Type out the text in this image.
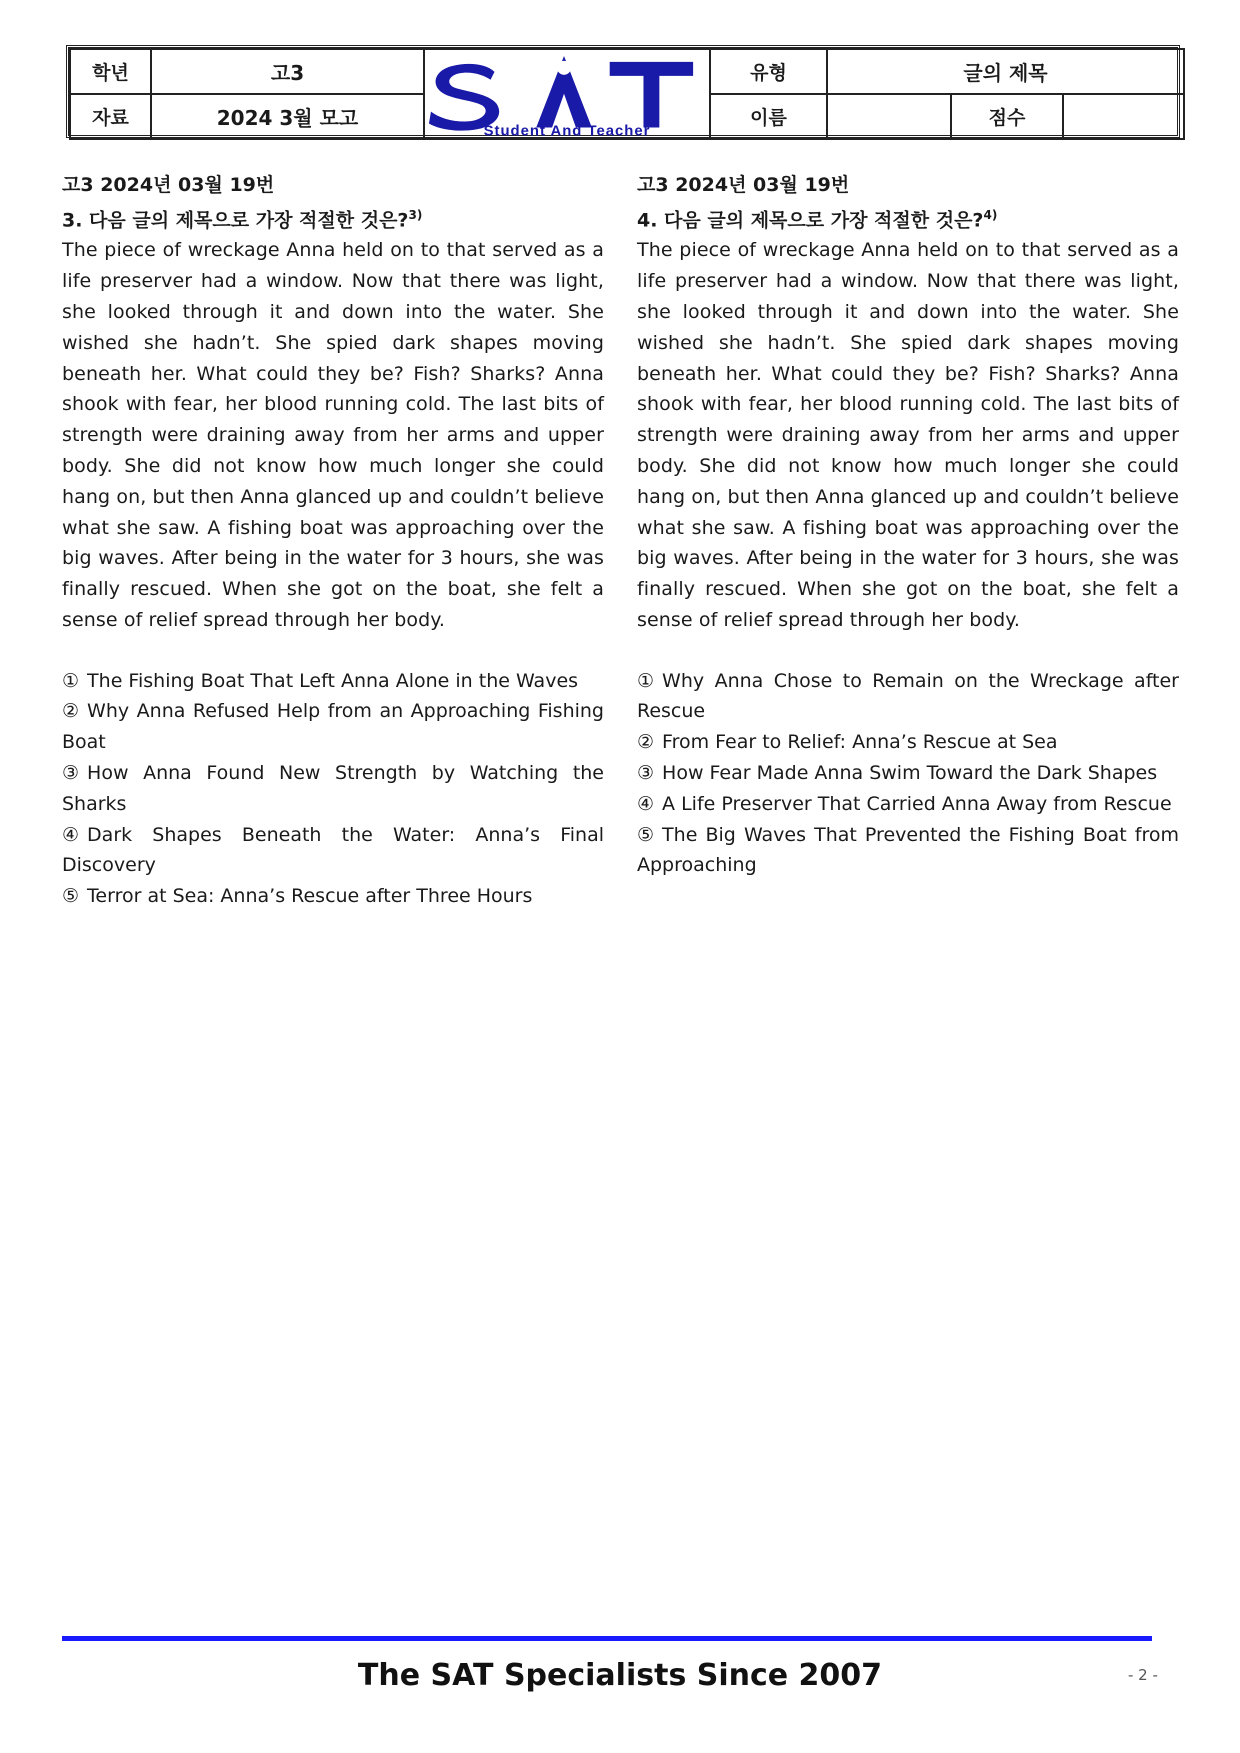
학년	고3	Student And Teacher	유형	글의 제목		
자료	2024 3월 모고		이름		점수	

고3 2024년 03월 19번

3. 다음 글의 제목으로 가장 적절한 것은?$^{3)}$

The piece of wreckage Anna held on to that served as a life preserver had a window. Now that there was light, she looked through it and down into the water. She wished she hadn’t. She spied dark shapes moving beneath her. What could they be? Fish? Sharks? Anna shook with fear, her blood running cold. The last bits of strength were draining away from her arms and upper body. She did not know how much longer she could hang on, but then Anna glanced up and couldn’t believe what she saw. A fishing boat was approaching over the big waves. After being in the water for 3 hours, she was finally rescued. When she got on the boat, she felt a sense of relief spread through her body.

① The Fishing Boat That Left Anna Alone in the Waves

② Why Anna Refused Help from an Approaching Fishing Boat

③ How Anna Found New Strength by Watching the Sharks

④ Dark Shapes Beneath the Water: Anna’s Final Discovery

⑤ Terror at Sea: Anna’s Rescue after Three Hours

고3 2024년 03월 19번

4. 다음 글의 제목으로 가장 적절한 것은?$^{4)}$

The piece of wreckage Anna held on to that served as a life preserver had a window. Now that there was light, she looked through it and down into the water. She wished she hadn’t. She spied dark shapes moving beneath her. What could they be? Fish? Sharks? Anna shook with fear, her blood running cold. The last bits of strength were draining away from her arms and upper body. She did not know how much longer she could hang on, but then Anna glanced up and couldn’t believe what she saw. A fishing boat was approaching over the big waves. After being in the water for 3 hours, she was finally rescued. When she got on the boat, she felt a sense of relief spread through her body.

① Why Anna Chose to Remain on the Wreckage after Rescue

② From Fear to Relief: Anna’s Rescue at Sea

③ How Fear Made Anna Swim Toward the Dark Shapes

④ A Life Preserver That Carried Anna Away from Rescue

⑤ The Big Waves That Prevented the Fishing Boat from Approaching

The SAT Specialists Since 2007	- 2 -
